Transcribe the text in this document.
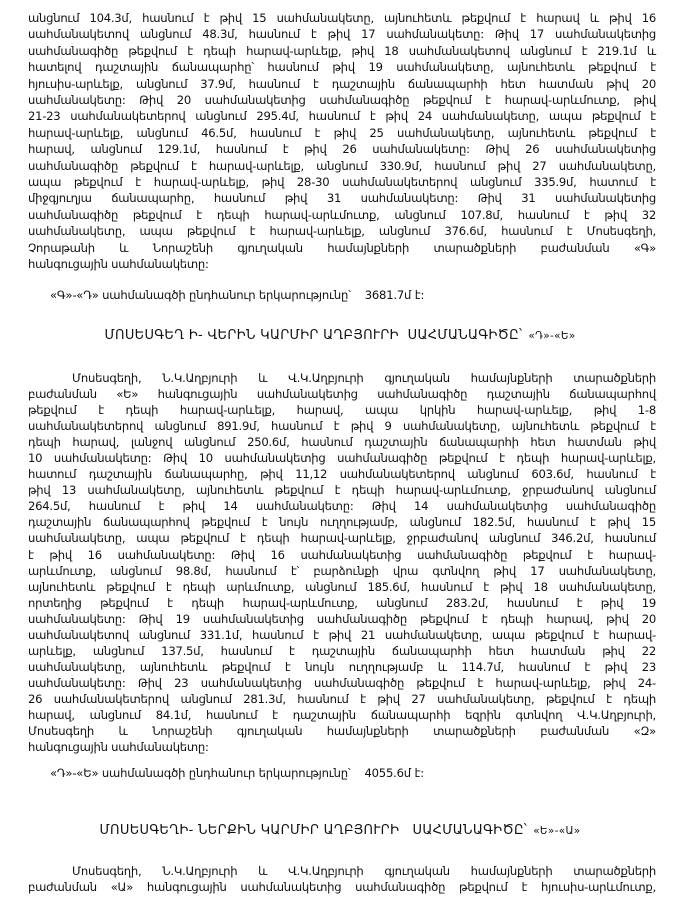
անցնում 104.3մ, հասնում է թիվ 15 սահմանակետը, այնուհետև թեքվում է հարավ և թիվ 16
սահմանակետով անցնում 48.3մ, հասնում է թիվ 17 սահմանակետը: Թիվ 17 սահմանակետից
սահմանագիծը թեքվում է դեպի հարավ-արևելք, թիվ 18 սահմանակետով անցնում է 219.1մ և
հատելով դաշտային ճանապարհը՝ հասնում թիվ 19 սահմանակետը, այնուհետև թեքվում է
հյուսիս-արևելք, անցնում 37.9մ, հասնում է դաշտային ճանապարհի հետ հատման թիվ 20
սահմանակետը: Թիվ 20 սահմանակետից սահմանագիծը թեքվում է հարավ-արևմուտք, թիվ
21-23 սահմանակետերով անցնում 295.4մ, հասնում է թիվ 24 սահմանակետը, ապա թեքվում է
հարավ-արևելք, անցնում 46.5մ, հասնում է թիվ 25 սահմանակետը, այնուհետև թեքվում է
հարավ, անցնում 129.1մ, հասնում է թիվ 26 սահմանակետը: Թիվ 26 սահմանակետից
սահմանագիծը թեքվում է հարավ-արևելք, անցնում 330.9մ, հասնում թիվ 27 սահմանակետը,
ապա թեքվում է հարավ-արևելք, թիվ 28-30 սահմանակետերով անցնում 335.9մ, հատում է
միջգյուղյա ճանապարհը, հասնում թիվ 31 սահմանակետը: Թիվ 31 սահմանակետից
սահմանագիծը թեքվում է դեպի հարավ-արևմուտք, անցնում 107.8մ, հասնում է թիվ 32
սահմանակետը, ապա թեքվում է հարավ-արևելք, անցնում 376.6մ, հասնում է Մոսեսգեղի,
Չորաթանի և Նորաշենի գյուղական համայնքների տարածքների բաժանման «Գ»
հանգուցային սահմանակետը:
«Գ»-«Դ» սահմանագծի ընդհանուր երկարությունը՝ 3681.7մ է:
ՄՈՍԵՍԳԵՂ Ի- ՎԵՐԻՆ ԿԱՐՄԻՐ ԱՂԲՅՈՒՐԻ  ՍԱՀՄԱՆԱԳԻԾԸ՝ «Դ»-«Ե»
Մոսեսգեղի, Ն.Կ.Աղբյուրի և Վ.Կ.Աղբյուրի գյուղական համայնքների տարածքների
բաժանման «Ե» հանգուցային սահմանակետից սահմանագիծը դաշտային ճանապարհով
թեքվում է դեպի հարավ-արևելք, հարավ, ապա կրկին հարավ-արևելք, թիվ 1-8
սահմանակետերով անցնում 891.9մ, հասնում է թիվ 9 սահմանակետը, այնուհետև թեքվում է
դեպի հարավ, լանջով անցնում 250.6մ, հասնում դաշտային ճանապարհի հետ հատման թիվ
10 սահմանակետը: Թիվ 10 սահմանակետից սահմանագիծը թեքվում է դեպի հարավ-արևելք,
հատում դաշտային ճանապարհը, թիվ 11,12 սահմանակետերով անցնում 603.6մ, հասնում է
թիվ 13 սահմանակետը, այնուհետև թեքվում է դեպի հարավ-արևմուտք, ջրբաժանով անցնում
264.5մ, հասնում է թիվ 14 սահմանակետը: Թիվ 14 սահմանակետից սահմանագիծը
դաշտային ճանապարհով թեքվում է նույն ուղղությամբ, անցնում 182.5մ, հասնում է թիվ 15
սահմանակետը, ապա թեքվում է դեպի հարավ-արևելք, ջրբաժանով անցնում 346.2մ, հասնում
է թիվ 16 սահմանակետը: Թիվ 16 սահմանակետից սահմանագիծը թեքվում է հարավ-
արևմուտք, անցնում 98.8մ, հասնում է՝ բարձունքի վրա գտնվող թիվ 17 սահմանակետը,
այնուհետև թեքվում է դեպի արևմուտք, անցնում 185.6մ, հասնում է թիվ 18 սահմանակետը,
որտեղից թեքվում է դեպի հարավ-արևմուտք, անցնում 283.2մ, հասնում է թիվ 19
սահմանակետը: Թիվ 19 սահմանակետից սահմանագիծը թեքվում է դեպի հարավ, թիվ 20
սահմանակետով անցնում 331.1մ, հասնում է թիվ 21 սահմանակետը, ապա թեքվում է հարավ-
արևելք, անցնում 137.5մ, հասնում է դաշտային ճանապարհի հետ հատման թիվ 22
սահմանակետը, այնուհետև թեքվում է նույն ուղղությամբ և 114.7մ, հասնում է թիվ 23
սահմանակետը: Թիվ 23 սահմանակետից սահմանագիծը թեքվում է հարավ-արևելք, թիվ 24-
26 սահմանակետերով անցնում 281.3մ, հասնում է թիվ 27 սահմանակետը, թեքվում է դեպի
հարավ, անցնում 84.1մ, հասնում է դաշտային ճանապարհի եզրին գտնվող Վ.Կ.Աղբյուրի,
Մոսեսգեղի և Նորաշենի գյուղական համայնքների տարածքների բաժանման «Զ»
հանգուցային սահմանակետը:
«Դ»-«Ե» սահմանագծի ընդհանուր երկարությունը՝ 4055.6մ է:
ՄՈՍԵՍԳԵՂԻ- ՆԵՐՔԻՆ ԿԱՐՄԻՐ ԱՂԲՅՈՒՐԻ   ՍԱՀՄԱՆԱԳԻԾԸ՝ «Ե»-«Ա»
Մոսեսգեղի, Ն.Կ.Աղբյուրի և Վ.Կ.Աղբյուրի գյուղական համայնքների տարածքների
բաժանման «Ա» հանգուցային սահմանակետից սահմանագիծը թեքվում է հյուսիս-արևմուտք,
